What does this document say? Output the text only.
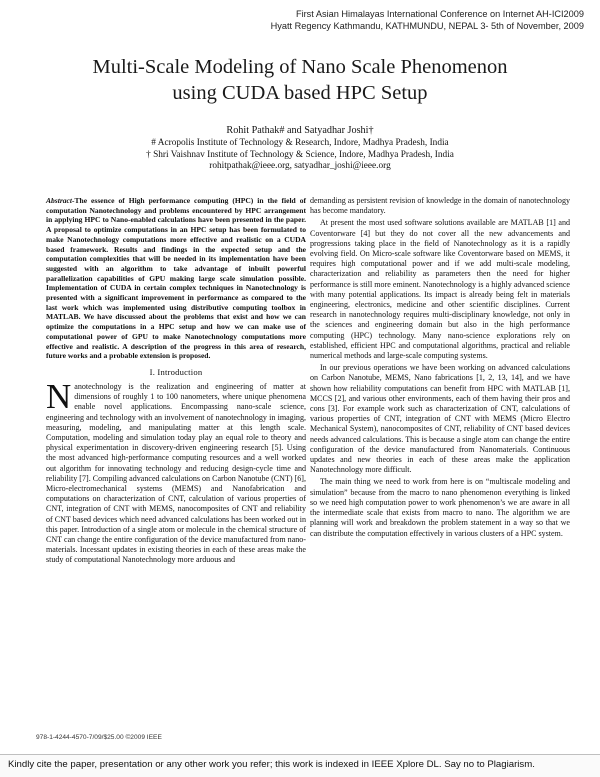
First Asian Himalayas International Conference on Internet AH-ICI2009
Hyatt Regency Kathmandu, KATHMUNDU, NEPAL 3- 5th of November, 2009
Multi-Scale Modeling of Nano Scale Phenomenon
using CUDA based HPC Setup
Rohit Pathak# and Satyadhar Joshi†
# Acropolis Institute of Technology & Research, Indore, Madhya Pradesh, India
† Shri Vaishnav Institute of Technology & Science, Indore, Madhya Pradesh, India
rohitpathak@ieee.org, satyadhar_joshi@ieee.org
Abstract-The essence of High performance computing (HPC) in the field of computation Nanotechnology and problems encountered by HPC arrangement in applying HPC to Nano-enabled calculations have been presented in the paper. A proposal to optimize computations in an HPC setup has been formulated to make Nanotechnology computations more effective and realistic on a CUDA based framework. Results and findings in the expected setup and the computation complexities that will be needed in its implementation have been suggested with an algorithm to take advantage of inbuilt powerful parallelization capabilities of GPU making large scale simulation possible. Implementation of CUDA in certain complex techniques in Nanotechnology is presented with a significant improvement in performance as compared to the last work which was implemented using distributive computing toolbox in MATLAB. We have discussed about the problems that exist and how we can optimize the computations in a HPC setup and how we can make use of computational power of GPU to make Nanotechnology computations more effective and realistic. A description of the progress in this area of research, future works and a probable extension is proposed.
I. Introduction

Nanotechnology is the realization and engineering of matter at dimensions of roughly 1 to 100 nanometers, where unique phenomena enable novel applications. Encompassing nano-scale science, engineering and technology with an involvement of nanotechnology in imaging, measuring, modeling, and manipulating matter at this length scale. Computation, modeling and simulation today play an equal role to theory and physical experimentation in discovery-driven engineering research [5]. Using the most advanced high-performance computing resources and a well worked out algorithm for innovating technology and reducing design-cycle time and reliability [7]. Compiling advanced calculations on Carbon Nanotube (CNT) [6], Micro-electromechanical systems (MEMS) and Nanofabrication and computations on characterization of CNT, calculation of various properties of CNT, integration of CNT with MEMS, nanocomposites of CNT and reliability of CNT based devices which need advanced calculations has been worked out in this paper. Introduction of a single atom or molecule in the chemical structure of CNT can change the entire configuration of the device manufactured from nano-materials. Incessant updates in existing theories in each of these areas make the study of computational Nanotechnology more arduous and

demanding as persistent revision of knowledge in the domain of nanotechnology has become mandatory.

At present the most used software solutions available are MATLAB [1] and Coventorware [4] but they do not cover all the new advancements and progressions taking place in the field of Nanotechnology as it is a rapidly evolving field. On Micro-scale software like Coventorware based on MEMS, it requires high computational power and if we add multi-scale modeling, characterization and reliability as parameters then the need for higher performance is still more eminent. Nanotechnology is a highly advanced science with many potential applications. Its impact is already being felt in materials engineering, electronics, medicine and other scientific disciplines. Current research in nanotechnology requires multi-disciplinary knowledge, not only in the sciences and engineering domain but also in the high performance computing (HPC) technology. Many nano-science explorations rely on established, efficient HPC and computational algorithms, practical and reliable numerical methods and large-scale computing systems.

In our previous operations we have been working on advanced calculations on Carbon Nanotube, MEMS, Nano fabrications [1, 2, 13, 14], and we have shown how reliability computations can benefit from HPC with MATLAB [1], MCCS [2], and various other environments, each of them having their pros and cons [3]. For example work such as characterization of CNT, calculations of various properties of CNT, integration of CNT with MEMS (Micro Electro Mechanical System), nanocomposites of CNT, reliability of CNT based devices needs advanced calculations. This is because a single atom can change the entire configuration of the device manufactured from Nanomaterials. Continuous updates and new theories in each of these areas make the application Nanotechnology more difficult.

The main thing we need to work from here is on “multiscale modeling and simulation” because from the macro to nano phenomenon everything is linked so we need high computation power to work phenomenon’s we are aware in all the intermediate scale that exists from macro to nano. The algorithm we are planning will work and breakdown the problem statement in a way so that we can distribute the computation effectively in various clusters of a HPC system.

978-1-4244-4570-7/09/$25.00 ©2009 IEEE
Kindly cite the paper, presentation or any other work you refer; this work is indexed in IEEE Xplore DL. Say no to Plagiarism.
